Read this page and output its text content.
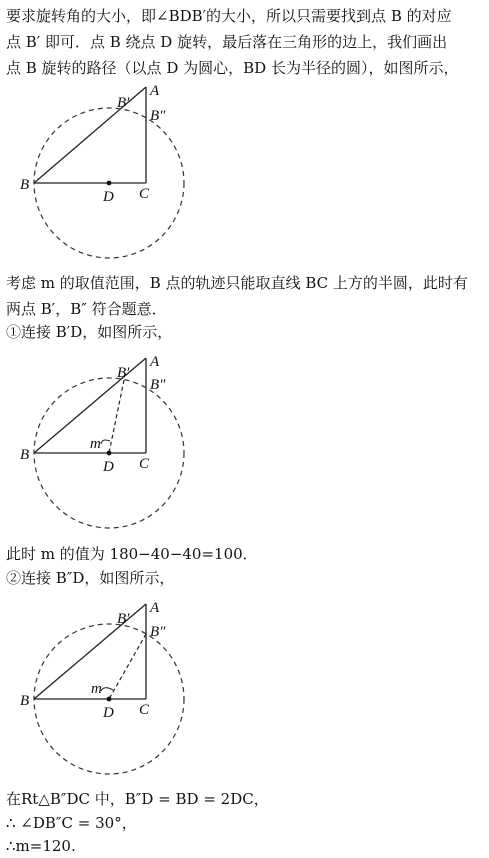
要求旋转角的大小，即∠BDB′的大小，所以只需要找到点 B 的对应
点 B′ 即可．点 B 绕点 D 旋转，最后落在三角形的边上，我们画出
点 B 旋转的路径（以点 D 为圆心，BD 长为半径的圆），如图所示，
A
B′
B″
B
D C
考虑 m 的取值范围，B 点的轨迹只能取直线 BC 上方的半圆，此时有
两点 B′，B″ 符合题意．
①连接 B′D，如图所示，
A
B′
B″
m
B
D C
此时 m 的值为 180−40−40=100．
②连接 B″D，如图所示，
A
B′
B″
m
B
D C
在Rt△B″DC 中，B″D = BD = 2DC，
∴ ∠DB″C = 30°，
∴m=120.
